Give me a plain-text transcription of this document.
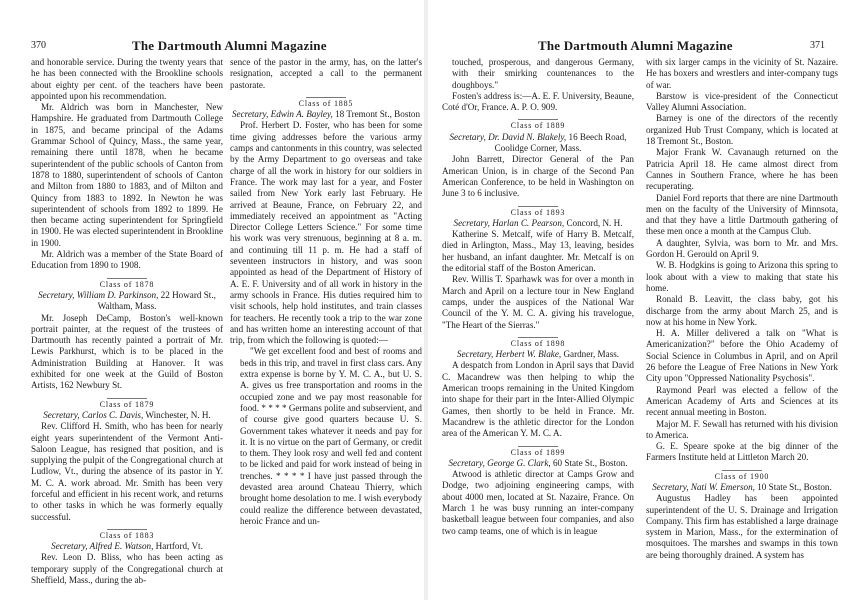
370	The Dartmouth Alumni Magazine

and honorable service. During the twenty years that he has been connected with the Brookline schools about eighty per cent. of the teachers have been appointed upon his recommendation.

Mr. Aldrich was born in Manchester, New Hampshire. He graduated from Dartmouth College in 1875, and became principal of the Adams Grammar School of Quincy, Mass., the same year, remaining there until 1878, when he became superintendent of the public schools of Canton from 1878 to 1880, superintendent of schools of Canton and Milton from 1880 to 1883, and of Milton and Quincy from 1883 to 1892. In Newton he was superintendent of schools from 1892 to 1899. He then became acting superintendent for Springfield in 1900. He was elected superintendent in Brookline in 1900.

Mr. Aldrich was a member of the State Board of Education from 1890 to 1908.

Class of 1878

Secretary, William D. Parkinson, 22 Howard St., Waltham, Mass.

Mr. Joseph DeCamp, Boston's well-known portrait painter, at the request of the trustees of Dartmouth has recently painted a portrait of Mr. Lewis Parkhurst, which is to be placed in the Administration Building at Hanover. It was exhibited for one week at the Guild of Boston Artists, 162 Newbury St.

Class of 1879

Secretary, Carlos C. Davis, Winchester, N. H.

Rev. Clifford H. Smith, who has been for nearly eight years superintendent of the Vermont Anti-Saloon League, has resigned that position, and is supplying the pulpit of the Congregational church at Ludlow, Vt., during the absence of its pastor in Y. M. C. A. work abroad. Mr. Smith has been very forceful and efficient in his recent work, and returns to other tasks in which he was formerly equally successful.

Class of 1883

Secretary, Alfred E. Watson, Hartford, Vt.

Rev. Leon D. Bliss, who has been acting as temporary supply of the Congregational church at Sheffield, Mass., during the ab-

sence of the pastor in the army, has, on the latter's resignation, accepted a call to the permanent pastorate.

Class of 1885

Secretary, Edwin A. Bayley, 18 Tremont St., Boston

Prof. Herbert D. Foster, who has been for some time giving addresses before the various army camps and cantonments in this country, was selected by the Army Department to go overseas and take charge of all the work in history for our soldiers in France. The work may last for a year, and Foster sailed from New York early last February. He arrived at Beaune, France, on February 22, and immediately received an appointment as "Acting Director College Letters Science." For some time his work was very strenuous, beginning at 8 a. m. and continuing till 11 p. m. He had a staff of seventeen instructors in history, and was soon appointed as head of the Department of History of A. E. F. University and of all work in history in the army schools in France. His duties required him to visit schools, help hold institutes, and train classes for teachers. He recently took a trip to the war zone and has written home an interesting account of that trip, from which the following is quoted:—

"We get excellent food and best of rooms and beds in this trip, and travel in first class cars. Any extra expense is borne by Y. M. C. A., but U. S. A. gives us free transportation and rooms in the occupied zone and we pay most reasonable for food. * * * * Germans polite and subservient, and of course give good quarters because U. S. Government takes whatever it needs and pay for it. It is no virtue on the part of Germany, or credit to them. They look rosy and well fed and content to be licked and paid for work instead of being in trenches. * * * * I have just passed through the devasted area around Chateau Thierry, which brought home desolation to me. I wish everybody could realize the difference between devastated, heroic France and un-

The Dartmouth Alumni Magazine	371

touched, prosperous, and dangerous Germany, with their smirking countenances to the doughboys."

Fosten's address is:—A. E. F. University, Beaune, Coté d'Or, France. A. P. O. 909.

Class of 1889

Secretary, Dr. David N. Blakely, 16 Beech Road, Coolidge Corner, Mass.

John Barrett, Director General of the Pan American Union, is in charge of the Second Pan American Conference, to be held in Washington on June 3 to 6 inclusive.

Class of 1893

Secretary, Harlan C. Pearson, Concord, N. H.

Katherine S. Metcalf, wife of Harry B. Metcalf, died in Arlington, Mass., May 13, leaving, besides her husband, an infant daughter. Mr. Metcalf is on the editorial staff of the Boston American.

Rev. Willis T. Sparhawk was for over a month in March and April on a lecture tour in New England camps, under the auspices of the National War Council of the Y. M. C. A. giving his travelogue, "The Heart of the Sierras."

Class of 1898

Secretary, Herbert W. Blake, Gardner, Mass.

A despatch from London in April says that David C. Macandrew was then helping to whip the American troops remaining in the United Kingdom into shape for their part in the Inter-Allied Olympic Games, then shortly to be held in France. Mr. Macandrew is the athletic director for the London area of the American Y. M. C. A.

Class of 1899

Secretary, George G. Clark, 60 State St., Boston.

Atwood is athletic director at Camps Grow and Dodge, two adjoining engineering camps, with about 4000 men, located at St. Nazaire, France. On March 1 he was busy running an inter-company basketball league between four companies, and also two camp teams, one of which is in league

with six larger camps in the vicinity of St. Nazaire. He has boxers and wrestlers and inter-company tugs of war.

Barstow is vice-president of the Connecticut Valley Alumni Association.

Barney is one of the directors of the recently organized Hub Trust Company, which is located at 18 Tremont St., Boston.

Major Frank W. Cavanaugh returned on the Patricia April 18. He came almost direct from Cannes in Southern France, where he has been recuperating.

Daniel Ford reports that there are nine Dartmouth men on the faculty of the University of Minnsota, and that they have a little Dartmouth gathering of these men once a month at the Campus Club.

A daughter, Sylvia, was born to Mr. and Mrs. Gordon H. Gerould on April 9.

W. B. Hodgkins is going to Arizona this spring to look about with a view to making that state his home.

Ronald B. Leavitt, the class baby, got his discharge from the army about March 25, and is now at his home in New York.

H. A. Miller delivered a talk on "What is Americanization?" before the Ohio Academy of Social Science in Columbus in April, and on April 26 before the League of Free Nations in New York City upon "Oppressed Nationality Psychosis".

Raymond Pearl was elected a fellow of the American Academy of Arts and Sciences at its recent annual meeting in Boston.

Major M. F. Sewall has returned with his division to America.

G. E. Speare spoke at the big dinner of the Farmers Institute held at Littleton March 20.

Class of 1900

Secretary, Nati W. Emerson, 10 State St., Boston.

Augustus Hadley has been appointed superintendent of the U. S. Drainage and Irrigation Company. This firm has established a large drainage system in Marion, Mass., for the extermination of mosquitoes. The marshes and swamps in this town are being thoroughly drained. A system has
